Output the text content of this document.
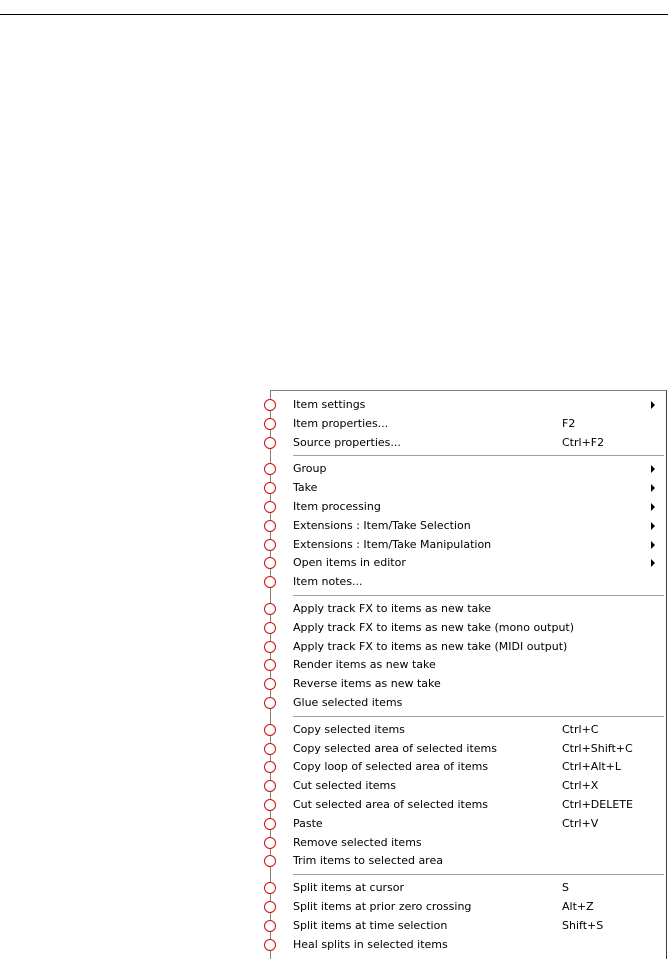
Item settings
Item properties...	F2
Source properties...	Ctrl+F2
Group
Take
Item processing
Extensions : Item/Take Selection
Extensions : Item/Take Manipulation
Open items in editor
Item notes...
Apply track FX to items as new take
Apply track FX to items as new take (mono output)
Apply track FX to items as new take (MIDI output)
Render items as new take
Reverse items as new take
Glue selected items
Copy selected items	Ctrl+C
Copy selected area of selected items	Ctrl+Shift+C
Copy loop of selected area of items	Ctrl+Alt+L
Cut selected items	Ctrl+X
Cut selected area of selected items	Ctrl+DELETE
Paste	Ctrl+V
Remove selected items
Trim items to selected area
Split items at cursor	S
Split items at prior zero crossing	Alt+Z
Split items at time selection	Shift+S
Heal splits in selected items
